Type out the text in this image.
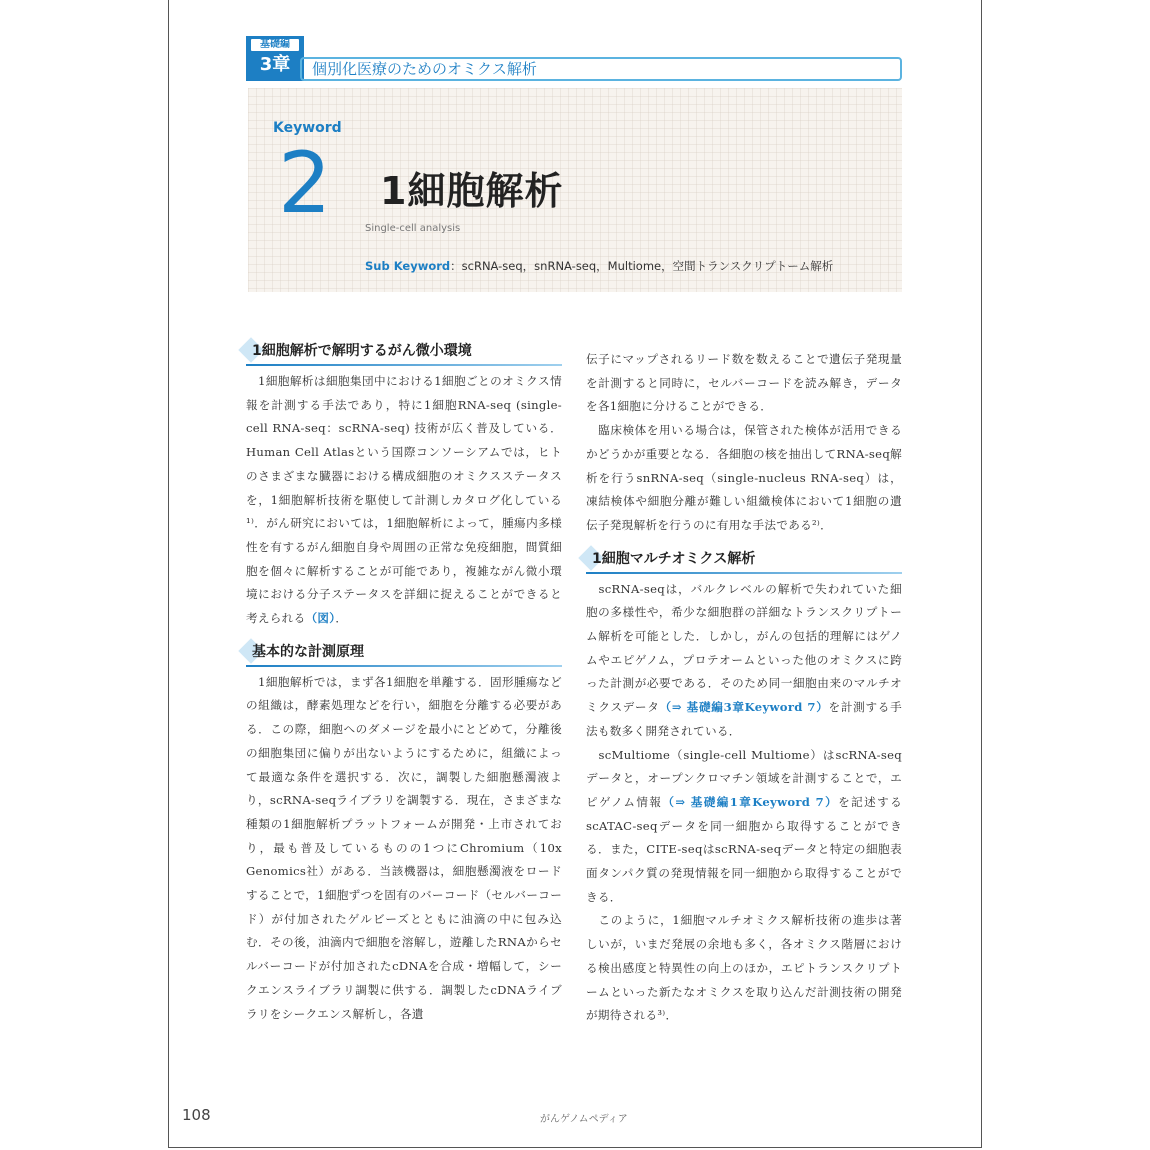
基礎編
3章	個別化医療のためのオミクス解析
Keyword
2 1細胞解析
Single-cell analysis
Sub Keyword：scRNA-seq，snRNA-seq，Multiome，空間トランスクリプトーム解析
1細胞解析で解明するがん微小環境

　1細胞解析は細胞集団中における1細胞ごとのオミクス情報を計測する手法であり，特に1細胞RNA-seq (single-cell RNA-seq：scRNA-seq) 技術が広く普及している．Human Cell Atlasという国際コンソーシアムでは，ヒトのさまざまな臓器における構成細胞のオミクスステータスを，1細胞解析技術を駆使して計測しカタログ化している¹⁾．がん研究においては，1細胞解析によって，腫瘍内多様性を有するがん細胞自身や周囲の正常な免疫細胞，間質細胞を個々に解析することが可能であり，複雑ながん微小環境における分子ステータスを詳細に捉えることができると考えられる（図）．

基本的な計測原理

　1細胞解析では，まず各1細胞を単離する．固形腫瘍などの組織は，酵素処理などを行い，細胞を分離する必要がある．この際，細胞へのダメージを最小にとどめて，分離後の細胞集団に偏りが出ないようにするために，組織によって最適な条件を選択する．次に，調製した細胞懸濁液より，scRNA-seqライブラリを調製する．現在，さまざまな種類の1細胞解析プラットフォームが開発・上市されており，最も普及しているものの1つにChromium（10x Genomics社）がある．当該機器は，細胞懸濁液をロードすることで，1細胞ずつを固有のバーコード（セルバーコード）が付加されたゲルビーズとともに油滴の中に包み込む．その後，油滴内で細胞を溶解し，遊離したRNAからセルバーコードが付加されたcDNAを合成・増幅して，シークエンスライブラリ調製に供する．調製したcDNAライブラリをシークエンス解析し，各遺

伝子にマップされるリード数を数えることで遺伝子発現量を計測すると同時に，セルバーコードを読み解き，データを各1細胞に分けることができる．

　臨床検体を用いる場合は，保管された検体が活用できるかどうかが重要となる．各細胞の核を抽出してRNA-seq解析を行うsnRNA-seq（single-nucleus RNA-seq）は，凍結検体や細胞分離が難しい組織検体において1細胞の遺伝子発現解析を行うのに有用な手法である²⁾．

1細胞マルチオミクス解析

　scRNA-seqは，バルクレベルの解析で失われていた細胞の多様性や，希少な細胞群の詳細なトランスクリプトーム解析を可能とした．しかし，がんの包括的理解にはゲノムやエピゲノム，プロテオームといった他のオミクスに跨った計測が必要である．そのため同一細胞由来のマルチオミクスデータ（⇒ 基礎編3章Keyword 7）を計測する手法も数多く開発されている．

　scMultiome（single-cell Multiome）はscRNA-seqデータと，オープンクロマチン領域を計測することで，エピゲノム情報（⇒ 基礎編1章Keyword 7）を記述するscATAC-seqデータを同一細胞から取得することができる．また，CITE-seqはscRNA-seqデータと特定の細胞表面タンパク質の発現情報を同一細胞から取得することができる．

　このように，1細胞マルチオミクス解析技術の進歩は著しいが，いまだ発展の余地も多く，各オミクス階層における検出感度と特異性の向上のほか，エピトランスクリプトームといった新たなオミクスを取り込んだ計測技術の開発が期待される³⁾．

108	がんゲノムペディア
